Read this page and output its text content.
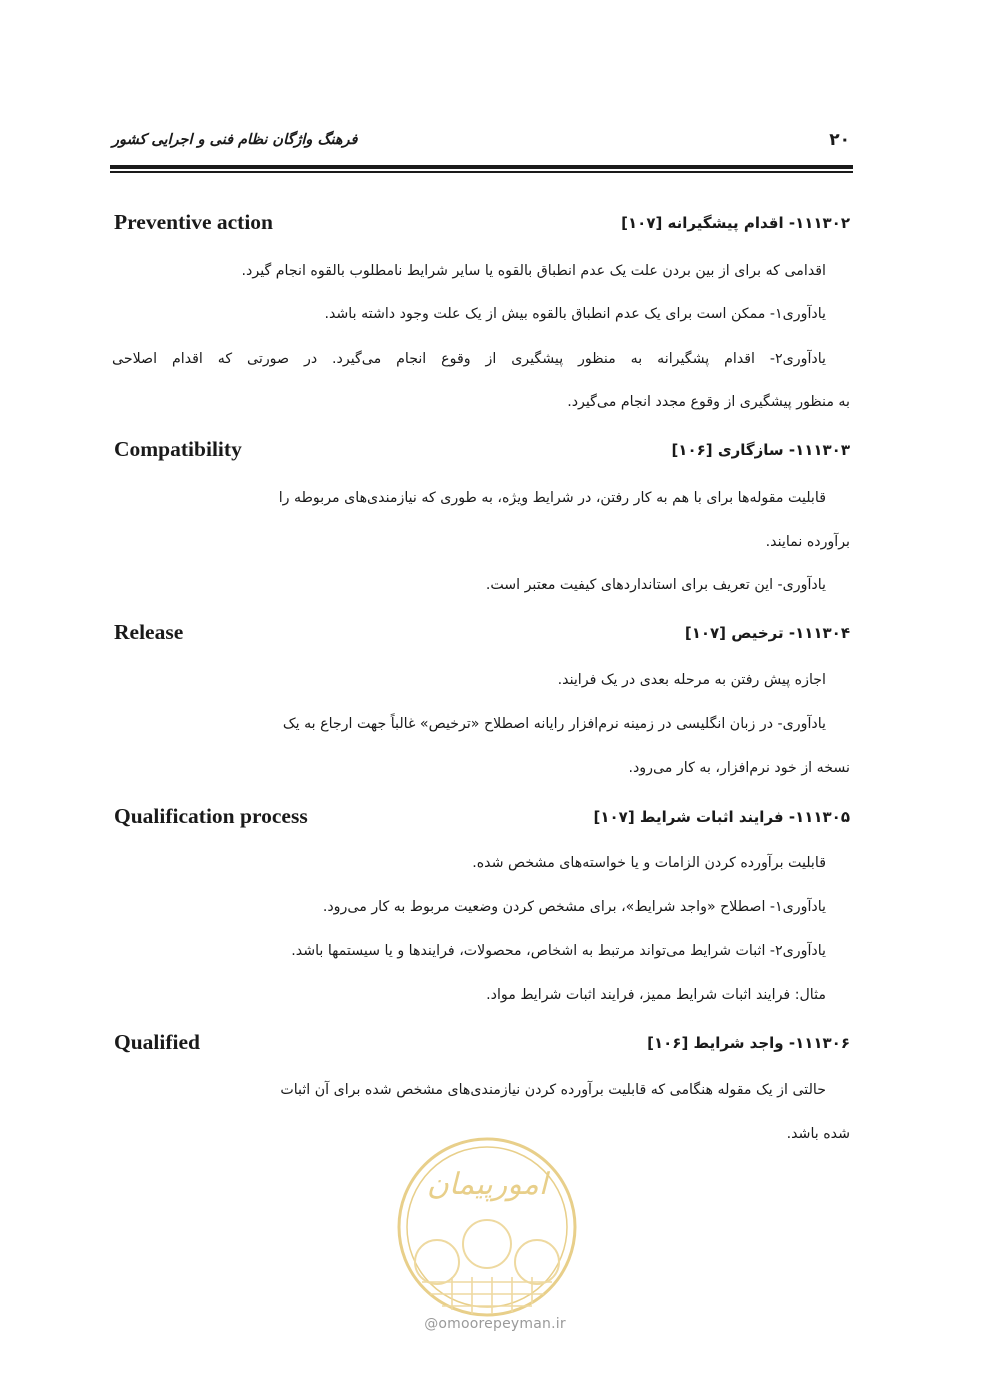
۲۰
فرهنگ واژگان نظام فنی و اجرایی کشور
۱۱۱۳۰۲- اقدام پیشگیرانه [۱۰۷]
Preventive action
اقدامی که برای از بین بردن علت یک عدم انطباق بالقوه یا سایر شرایط نامطلوب بالقوه انجام گیرد.
یادآوری۱- ممکن است برای یک عدم انطباق بالقوه بیش از یک علت وجود داشته باشد.
یادآوری۲- اقدام پشگیرانه به منظور پیشگیری از وقوع انجام می‌گیرد. در صورتی که اقدام اصلاحی
به منظور پیشگیری از وقوع مجدد انجام می‌گیرد.
۱۱۱۳۰۳- سازگاری [۱۰۶]
Compatibility
قابلیت مقوله‌ها برای با هم به کار رفتن، در شرایط ویژه، به طوری که نیازمندی‌های مربوطه را
برآورده نمایند.
یادآوری- این تعریف برای استانداردهای کیفیت معتبر است.
۱۱۱۳۰۴- ترخیص [۱۰۷]
Release
اجازه پیش رفتن به مرحله بعدی در یک فرایند.
یادآوری- در زبان انگلیسی در زمینه نرم‌افزار رایانه اصطلاح «ترخیص» غالباً جهت ارجاع به یک
نسخه از خود نرم‌افزار، به کار می‌رود.
۱۱۱۳۰۵- فرایند اثبات شرایط [۱۰۷]
Qualification process
قابلیت برآورده کردن الزامات و یا خواسته‌های مشخص شده.
یادآوری۱- اصطلاح «واجد شرایط»، برای مشخص کردن وضعیت مربوط به کار می‌رود.
یادآوری۲- اثبات شرایط می‌تواند مرتبط به اشخاص، محصولات، فرایندها و یا سیستمها باشد.
مثال: فرایند اثبات شرایط ممیز، فرایند اثبات شرایط مواد.
۱۱۱۳۰۶- واجد شرایط [۱۰۶]
Qualified
حالتی از یک مقوله هنگامی که قابلیت برآورده کردن نیازمندی‌های مشخص شده برای آن اثبات
شده باشد.
امورپیمان
@omoorepeyman.ir
